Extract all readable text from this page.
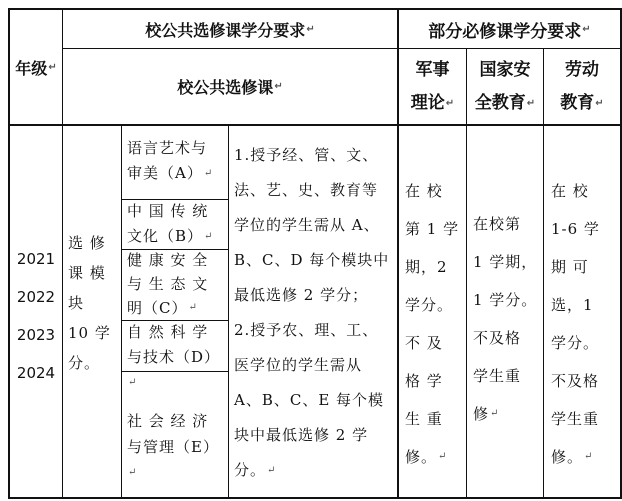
年级 ↵
校公共选修课学分要求 ↵	部分必修课学分要求 ↵
校公共选修课 ↵
军事
理论↵
国家安
全教育↵
劳动
教育↵
2021
2022
2023
2024
选 修
课 模
块
10 学
分。
语言艺术与
审美（A）↵
中 国 传 统
文化（B）↵
健 康 安 全
与 生 态 文
明（C）↵
自 然 科 学
与技术（D）↵
社 会 经 济
与管理（E）↵
1.授予经、管、文、
法、艺、史、教育等
学位的学生需从 A、
B、C、D 每个模块中
最低选修 2 学分；
2.授予农、理、工、
医学位的学生需从
A、B、C、E 每个模
块中最低选修 2 学
分。↵
在 校
第 1 学
期，2
学分。
不 及
格 学
生 重
修。↵
在校第
1 学期，
1 学分。
不及格
学生重
修↵
在 校
1-6 学
期 可
选，1
学分。
不及格
学生重
修。↵
